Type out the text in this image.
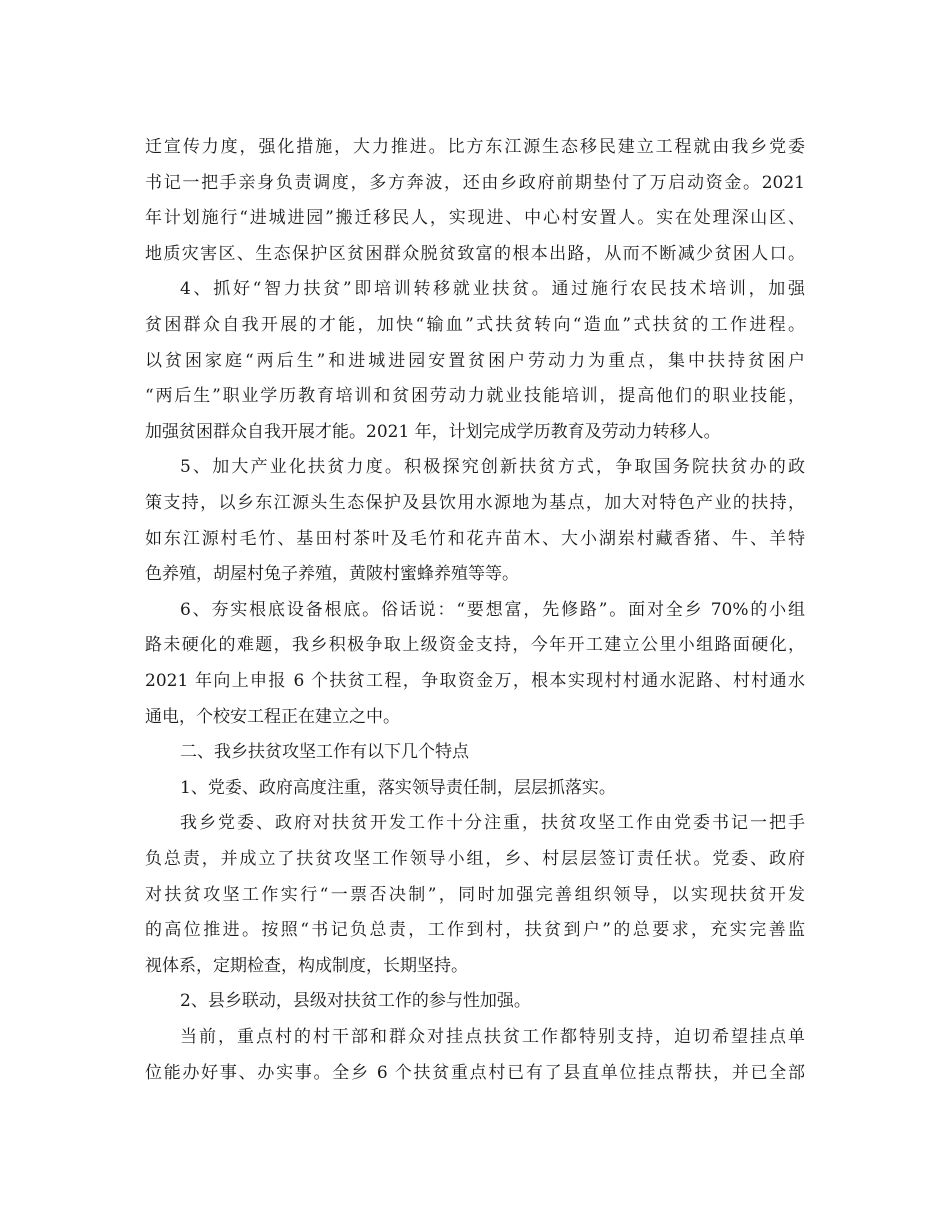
迁宣传力度，强化措施，大力推进。比方东江源生态移民建立工程就由我乡党委
书记一把手亲身负责调度，多方奔波，还由乡政府前期垫付了万启动资金。2021
年计划施行“进城进园”搬迁移民人，实现进、中心村安置人。实在处理深山区、
地质灾害区、生态保护区贫困群众脱贫致富的根本出路，从而不断减少贫困人口。
4、抓好“智力扶贫”即培训转移就业扶贫。通过施行农民技术培训，加强
贫困群众自我开展的才能，加快“输血”式扶贫转向“造血”式扶贫的工作进程。
以贫困家庭“两后生”和进城进园安置贫困户劳动力为重点，集中扶持贫困户
“两后生”职业学历教育培训和贫困劳动力就业技能培训，提高他们的职业技能，
加强贫困群众自我开展才能。2021 年，计划完成学历教育及劳动力转移人。
5、加大产业化扶贫力度。积极探究创新扶贫方式，争取国务院扶贫办的政
策支持，以乡东江源头生态保护及县饮用水源地为基点，加大对特色产业的扶持，
如东江源村毛竹、基田村茶叶及毛竹和花卉苗木、大小湖岽村藏香猪、牛、羊特
色养殖，胡屋村兔子养殖，黄陂村蜜蜂养殖等等。
6、夯实根底设备根底。俗话说：“要想富，先修路”。面对全乡 70%的小组
路未硬化的难题，我乡积极争取上级资金支持，今年开工建立公里小组路面硬化，
2021 年向上申报 6 个扶贫工程，争取资金万，根本实现村村通水泥路、村村通水
通电，个校安工程正在建立之中。
二、我乡扶贫攻坚工作有以下几个特点
1、党委、政府高度注重，落实领导责任制，层层抓落实。
我乡党委、政府对扶贫开发工作十分注重，扶贫攻坚工作由党委书记一把手
负总责，并成立了扶贫攻坚工作领导小组，乡、村层层签订责任状。党委、政府
对扶贫攻坚工作实行“一票否决制”，同时加强完善组织领导，以实现扶贫开发
的高位推进。按照“书记负总责，工作到村，扶贫到户”的总要求，充实完善监
视体系，定期检查，构成制度，长期坚持。
2、县乡联动，县级对扶贫工作的参与性加强。
当前，重点村的村干部和群众对挂点扶贫工作都特别支持，迫切希望挂点单
位能办好事、办实事。全乡 6 个扶贫重点村已有了县直单位挂点帮扶，并已全部
